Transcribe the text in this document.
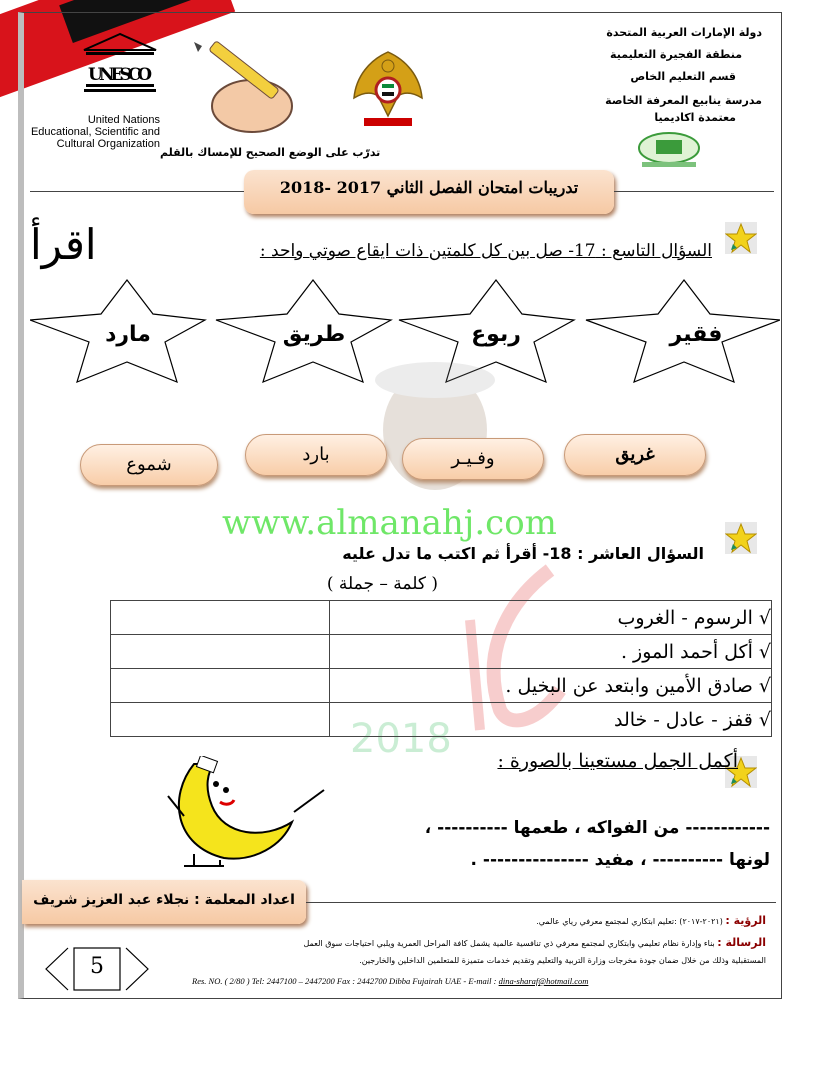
دولة الإمارات العربية المتحدة
منطقة الفجيرة التعليمية
قسم التعليم الخاص
مدرسة ينابيع المعرفة الخاصة
معتمدة اكاديميا
UNESCO
United Nations
Educational, Scientific and
Cultural Organization
تدرّب على الوضع الصحيح للإمساك بالقلم
تدريبات امتحان الفصل الثاني 2017 -2018
اقرأ	السؤال التاسع : 17- صل بين كل كلمتين ذات ايقاع صوتي واحد :
فقير
ربوع
طريق
مارد
غريق
وفـيـر
بارد
شموع
www.almanahj.com
2018
السؤال العاشر : 18- أقرأ ثم اكتب ما تدل عليه
( كلمة – جملة )
	√ الرسوم - الغروب
	√ أكل أحمد الموز .
	√ صادق الأمين وابتعد عن البخيل .
	√ قفز - عادل - خالد
أكمل الجمل مستعينا بالصورة :
------------ من الفواكه ، طعمها ---------- ،
لونها ---------- ، مفيد --------------- .
اعداد المعلمة : نجلاء عبد العزيز شريف
الرؤية : (٢٠٢١-٢٠١٧) :تعليم ابتكاري لمجتمع معرفي رياي عالمي.
الرسالة : بناء وإدارة نظام تعليمي وابتكاري لمجتمع معرفي ذي تنافسية عالمية يشمل كافة المراحل العمرية ويلبي احتياجات سوق العمل
المستقبلية وذلك من خلال ضمان جودة مخرجات وزارة التربية والتعليم وتقديم خدمات متميزة للمتعلمين الداخلين والخارجين.
Res. NO. ( 2/80 ) Tel: 2447100 – 2447200 Fax : 2442700 Dibba Fujairah UAE - E-mail : dina-sharaf@hotmail.com
5
